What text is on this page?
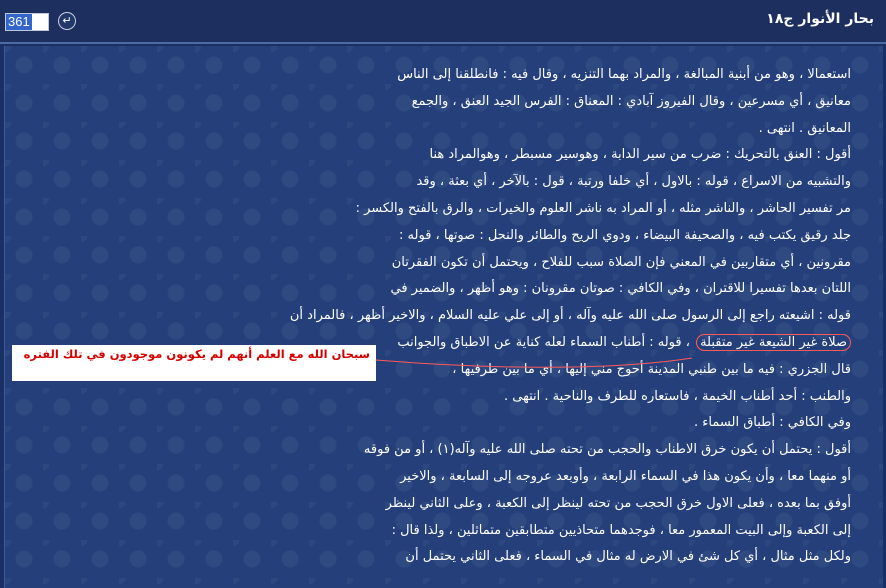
بحار الأنوار ج١٨
361	↵
استعمالا ، وهو من أبنية المبالغة ، والمراد بهما التنزيه ، وقال فيه : فانطلقنا إلى الناس
معانيق ، أي مسرعين ، وقال الفيروز آبادي : المعناق : الفرس الجيد العنق ، والجمع
المعانيق . انتهى .
أقول : العنق بالتحريك : ضرب من سير الدابة ، وهوسير مسبطر ، وهوالمراد هنا
والتشبيه من الاسراع ، قوله : بالاول ، أي خلفا ورتبة ، قول : بالآخر ، أي بعثة ، وقد
مر تفسير الحاشر ، والناشر مثله ، أو المراد به ناشر العلوم والخيرات ، والرق بالفتح والكسر :
جلد رقيق يكتب فيه ، والصحيفة البيضاء ، ودوي الريح والطائر والنحل : صوتها ، قوله :
مقرونين ، أي متقاربين في المعني فإن الصلاة سبب للفلاح ، ويحتمل أن تكون الفقرتان
اللتان بعدها تفسيرا للاقتران ، وفي الكافي : صوتان مقرونان : وهو أظهر ، والضمير في
قوله : اشيعته راجع إلى الرسول صلى الله عليه وآله ، أو إلى علي عليه السلام ، والاخير أظهر ، فالمراد أن
صلاة غير الشيعة غير متقبلة ، قوله : أطناب السماء لعله كناية عن الاطباق والجوانب
قال الجزري : فيه ما بين طنبي المدينة أحوج مني إليها ، أي ما بين طرفيها ،
والطنب : أحد أطناب الخيمة ، فاستعاره للطرف والناحية . انتهى .
وفي الكافي : أطباق السماء .
أقول : يحتمل أن يكون خرق الاطناب والحجب من تحته صلى الله عليه وآله(١) ، أو من فوقه
أو منهما معا ، وأن يكون هذا في السماء الرابعة ، وأوبعد عروجه إلى السابعة ، والاخير
أوفق بما بعده ، فعلى الاول خرق الحجب من تحته لينظر إلى الكعبة ، وعلى الثاني لينظر
إلى الكعبة وإلى البيت المعمور معا ، فوجدهما متحاذيين متطابقين متماثلين ، ولذا قال :
ولكل مثل مثال ، أي كل شئ في الارض له مثال في السماء ، فعلى الثاني يحتمل أن
سبحان الله مع العلم أنهم لم يكونون موجودون في تلك الفتره
